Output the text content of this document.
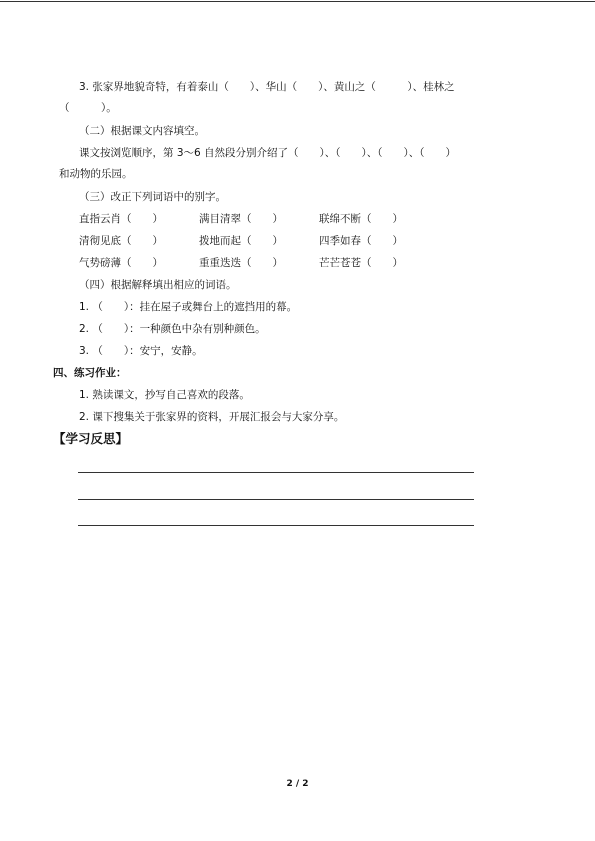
3. 张家界地貌奇特，有着泰山（　　）、华山（　　）、黄山之（　　　）、桂林之
（　　　）。
（二）根据课文内容填空。
课文按浏览顺序，第 3～6 自然段分别介绍了（　　）、（　　）、（　　）、（　　）
和动物的乐园。
（三）改正下列词语中的别字。
直指云肖（　　）	满目清翠（　　）	联绵不断（　　）
清彻见底（　　）	拨地而起（　　）	四季如春（　　）
气势磅薄（　　）	重重迭迭（　　）	芒芒苍苍（　　）
（四）根据解释填出相应的词语。
1. （　　）：挂在屋子或舞台上的遮挡用的幕。
2. （　　）：一种颜色中杂有别种颜色。
3. （　　）：安宁，安静。
四、练习作业：
1. 熟读课文，抄写自己喜欢的段落。
2. 课下搜集关于张家界的资料，开展汇报会与大家分享。
【学习反思】
2 / 2
